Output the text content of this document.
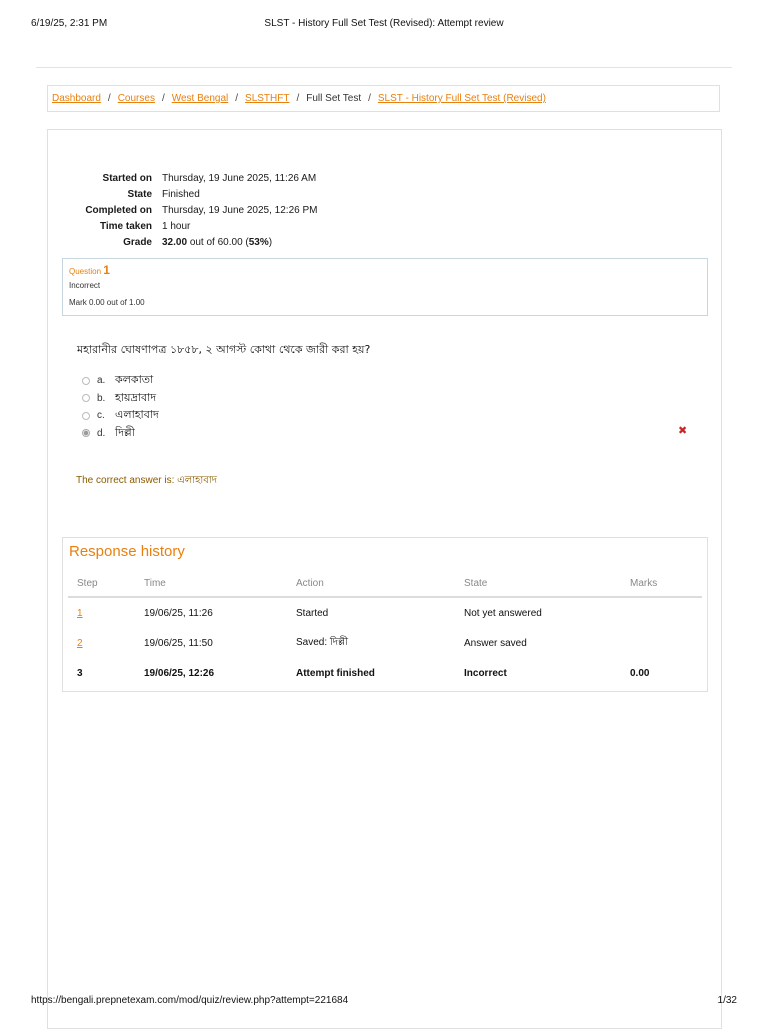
6/19/25, 2:31 PM	SLST - History Full Set Test (Revised): Attempt review
Dashboard / Courses / West Bengal / SLSTHFT / Full Set Test / SLST - History Full Set Test (Revised)
Started on	Thursday, 19 June 2025, 11:26 AM
State	Finished
Completed on	Thursday, 19 June 2025, 12:26 PM
Time taken	1 hour
Grade	32.00 out of 60.00 (53%)
Question 1
Incorrect
Mark 0.00 out of 1.00
মহারানীর ঘোষণাপত্র ১৮৫৮, ২ আগস্ট কোথা থেকে জারী করা হয়?
a. কলকাতা
b. হায়দ্রাবাদ
c. এলাহাবাদ
d. দিল্লী	✖
The correct answer is: এলাহাবাদ
Response history
Step	Time	Action	State	Marks
1	19/06/25, 11:26	Started	Not yet answered	
2	19/06/25, 11:50	Saved: দিল্লী	Answer saved	
3	19/06/25, 12:26	Attempt finished	Incorrect	0.00
https://bengali.prepnetexam.com/mod/quiz/review.php?attempt=221684	1/32
